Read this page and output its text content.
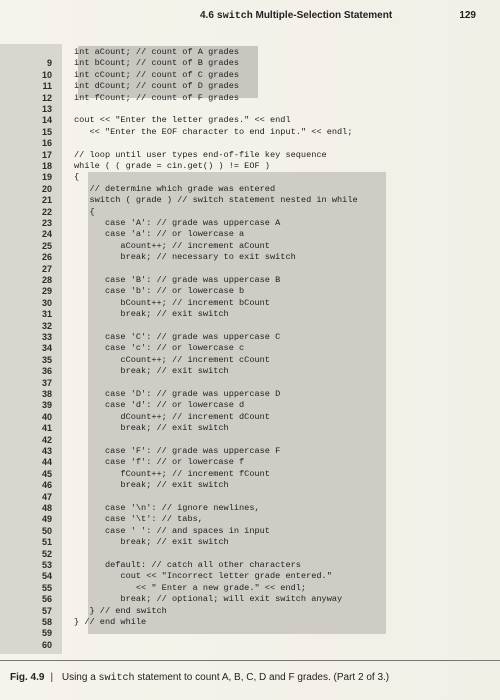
4.6 switch Multiple-Selection Statement	129
int aCount; // count of A grades
9	int bCount; // count of B grades
10	int cCount; // count of C grades
11	int dCount; // count of D grades
12	int fCount; // count of F grades
13
14	cout << "Enter the letter grades." << endl
15	<< "Enter the EOF character to end input." << endl;
16
17	// loop until user types end-of-file key sequence
18	while ( ( grade = cin.get() ) != EOF )
19	{
20	// determine which grade was entered
21	switch ( grade ) // switch statement nested in while
22	{
23	case 'A': // grade was uppercase A
24	case 'a': // or lowercase a
25	aCount++; // increment aCount
26	break; // necessary to exit switch
27
28	case 'B': // grade was uppercase B
29	case 'b': // or lowercase b
30	bCount++; // increment bCount
31	break; // exit switch
32
33	case 'C': // grade was uppercase C
34	case 'c': // or lowercase c
35	cCount++; // increment cCount
36	break; // exit switch
37
38	case 'D': // grade was uppercase D
39	case 'd': // or lowercase d
40	dCount++; // increment dCount
41	break; // exit switch
42
43	case 'F': // grade was uppercase F
44	case 'f': // or lowercase f
45	fCount++; // increment fCount
46	break; // exit switch
47
48	case '\n': // ignore newlines,
49	case '\t': // tabs,
50	case ' ': // and spaces in input
51	break; // exit switch
52
53	default: // catch all other characters
54	cout << "Incorrect letter grade entered."
55	<< " Enter a new grade." << endl;
56	break; // optional; will exit switch anyway
57	} // end switch
58	} // end while
59
60
Fig. 4.9 | Using a switch statement to count A, B, C, D and F grades. (Part 2 of 3.)
